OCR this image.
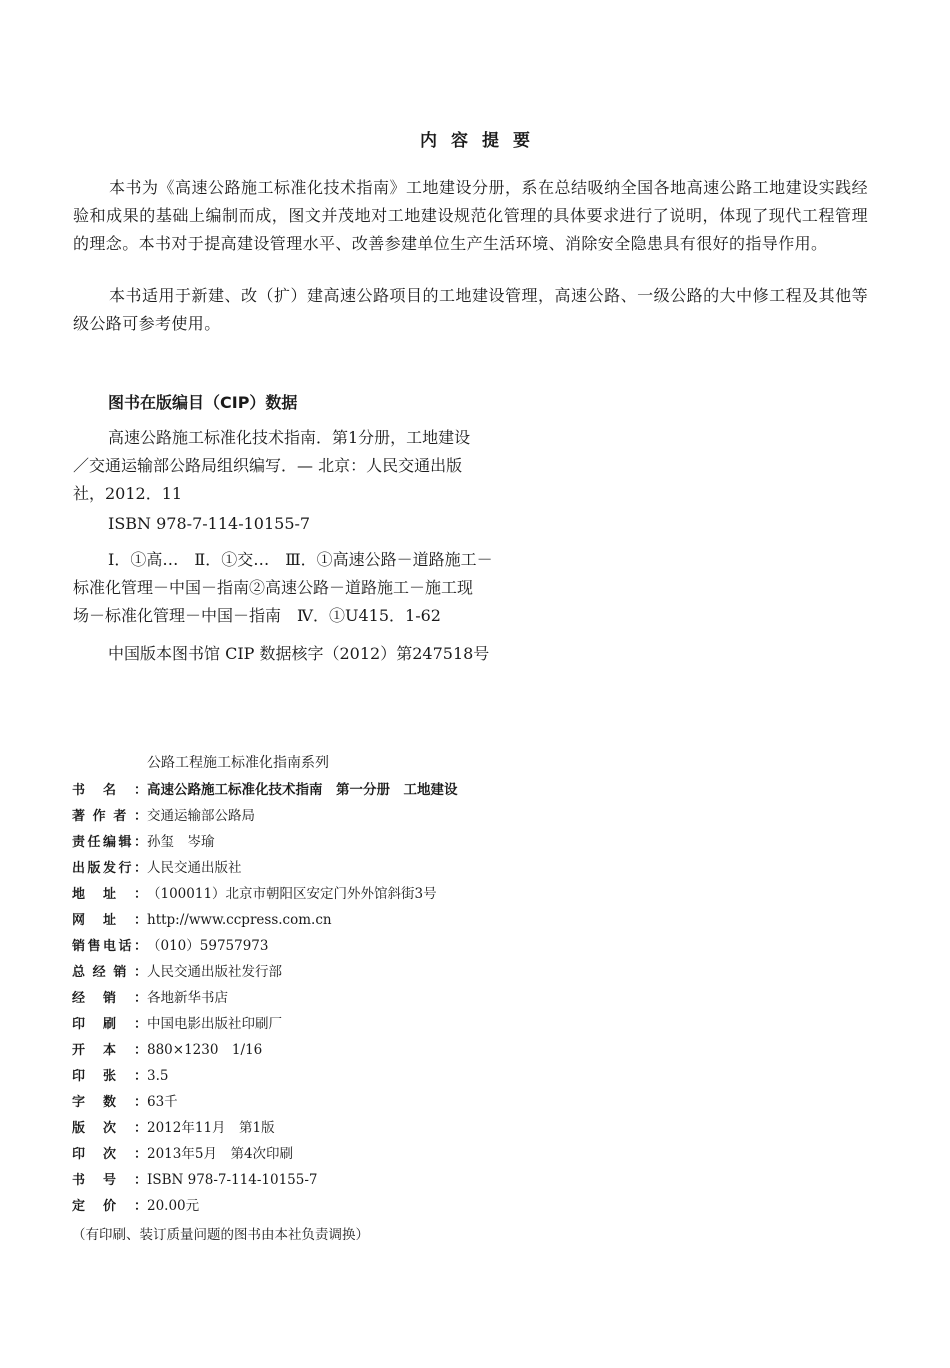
内容提要
本书为《高速公路施工标准化技术指南》工地建设分册，系在总结吸纳全国各地高速公路工地建设实践经验和成果的基础上编制而成，图文并茂地对工地建设规范化管理的具体要求进行了说明，体现了现代工程管理的理念。本书对于提高建设管理水平、改善参建单位生产生活环境、消除安全隐患具有很好的指导作用。
本书适用于新建、改（扩）建高速公路项目的工地建设管理，高速公路、一级公路的大中修工程及其他等级公路可参考使用。
图书在版编目（CIP）数据
高速公路施工标准化技术指南．第1分册，工地建设
／交通运输部公路局组织编写．— 北京：人民交通出版
社，2012．11
ISBN 978-7-114-10155-7
Ⅰ．①高…　Ⅱ．①交…　Ⅲ．①高速公路－道路施工－
标准化管理－中国－指南②高速公路－道路施工－施工现
场－标准化管理－中国－指南　Ⅳ．①U415．1-62
中国版本图书馆 CIP 数据核字（2012）第247518号
公路工程施工标准化指南系列
书名：高速公路施工标准化技术指南　第一分册　工地建设
著作者：交通运输部公路局
责任编辑：孙玺　岑瑜
出版发行：人民交通出版社
地址：（100011）北京市朝阳区安定门外外馆斜街3号
网址：http://www.ccpress.com.cn
销售电话：（010）59757973
总经销：人民交通出版社发行部
经销：各地新华书店
印刷：中国电影出版社印刷厂
开本：880×1230　1/16
印张：3.5
字数：63千
版次：2012年11月　第1版
印次：2013年5月　第4次印刷
书号：ISBN 978-7-114-10155-7
定价：20.00元
（有印刷、装订质量问题的图书由本社负责调换）
